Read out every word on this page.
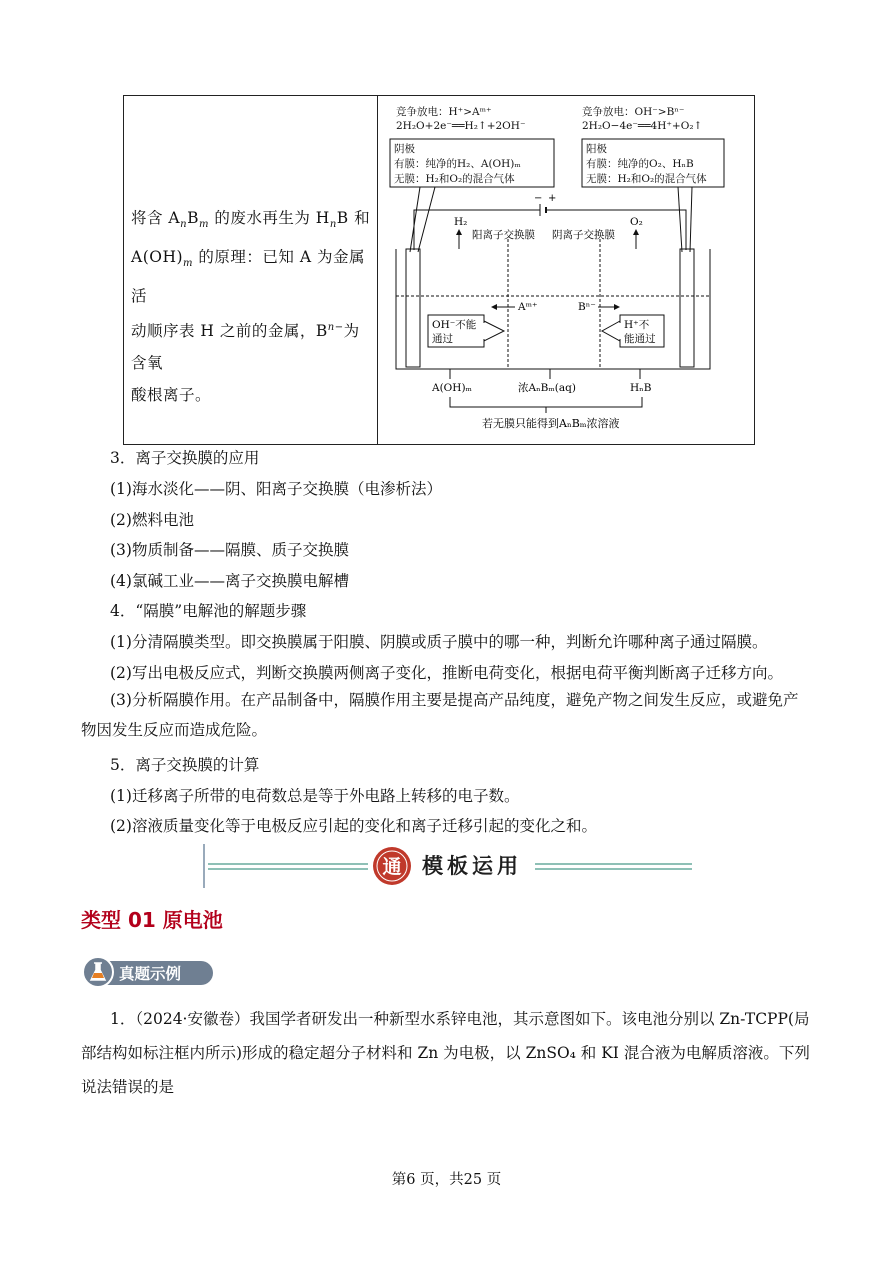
将含 $A_nB_m$ 的废水再生为 $H_nB$ 和
$A(OH)_m$ 的原理：已知 A 为金属活
动顺序表 H 之前的金属，$B^{n-}$为含氧
酸根离子。
竞争放电：H⁺>Aᵐ⁺
2H₂O+2e⁻══H₂↑+2OH⁻
竞争放电：OH⁻>Bⁿ⁻
2H₂O−4e⁻══4H⁺+O₂↑
阴极
有膜：纯净的H₂、A(OH)ₘ
无膜：H₂和O₂的混合气体
阳极
有膜：纯净的O₂、HₙB
无膜：H₂和O₂的混合气体
− +
H₂	O₂
阳离子交换膜 阴离子交换膜
Aᵐ⁺	Bⁿ⁻
OH⁻不能
通过
H⁺不
能通过
A(OH)ₘ	浓AₙBₘ(aq)	HₙB
若无膜只能得到AₙBₘ浓溶液
3．离子交换膜的应用
(1)海水淡化——阴、阳离子交换膜（电渗析法）
(2)燃料电池
(3)物质制备——隔膜、质子交换膜
(4)氯碱工业——离子交换膜电解槽
4．“隔膜”电解池的解题步骤
(1)分清隔膜类型。即交换膜属于阳膜、阴膜或质子膜中的哪一种，判断允许哪种离子通过隔膜。
(2)写出电极反应式，判断交换膜两侧离子变化，推断电荷变化，根据电荷平衡判断离子迁移方向。
(3)分析隔膜作用。在产品制备中，隔膜作用主要是提高产品纯度，避免产物之间发生反应，或避免产物因发生反应而造成危险。
5．离子交换膜的计算
(1)迁移离子所带的电荷数总是等于外电路上转移的电子数。
(2)溶液质量变化等于电极反应引起的变化和离子迁移引起的变化之和。
通 模板运用
类型 01 原电池
真题示例
1．（2024·安徽卷）我国学者研发出一种新型水系锌电池，其示意图如下。该电池分别以 Zn-TCPP(局部结构如标注框内所示)形成的稳定超分子材料和 Zn 为电极，以 ZnSO₄ 和 KI 混合液为电解质溶液。下列说法错误的是
第6 页，共25 页
